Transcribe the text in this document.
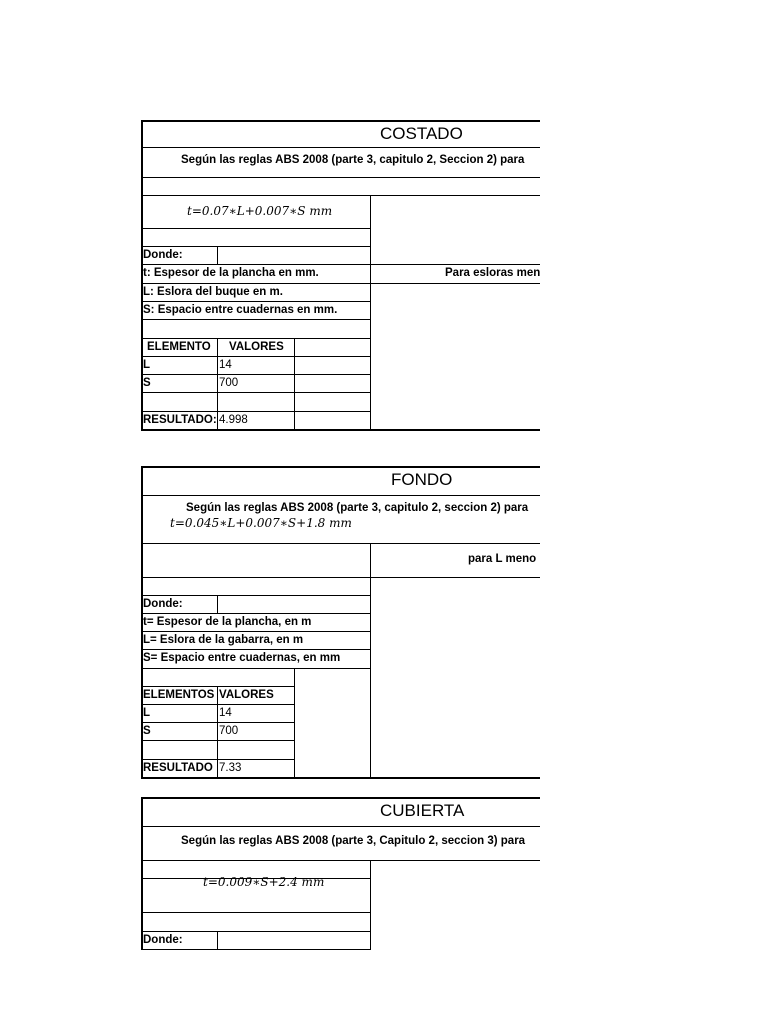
COSTADO
Según las reglas ABS 2008 (parte 3, capitulo 2, Seccion 2) para
t=0.07∗L+0.007∗S mm
Donde:
t: Espesor de la plancha en mm.	Para esloras men
L: Eslora del buque en m.
S: Espacio entre cuadernas en mm.
ELEMENTO VALORES
L	14
S	700
RESULTADO: 4.998
FONDO
Según las reglas ABS 2008 (parte 3, capitulo 2, seccion 2) para
t=0.045∗L+0.007∗S+1.8 mm
para L meno
Donde:
t= Espesor de la plancha, en m
L= Eslora de la gabarra, en m
S= Espacio entre cuadernas, en mm
ELEMENTOS VALORES
L	14
S	700
RESULTADO 7.33
CUBIERTA
Según las reglas ABS 2008 (parte 3, Capitulo 2, seccion 3) para
t=0.009∗S+2.4 mm
Donde:
